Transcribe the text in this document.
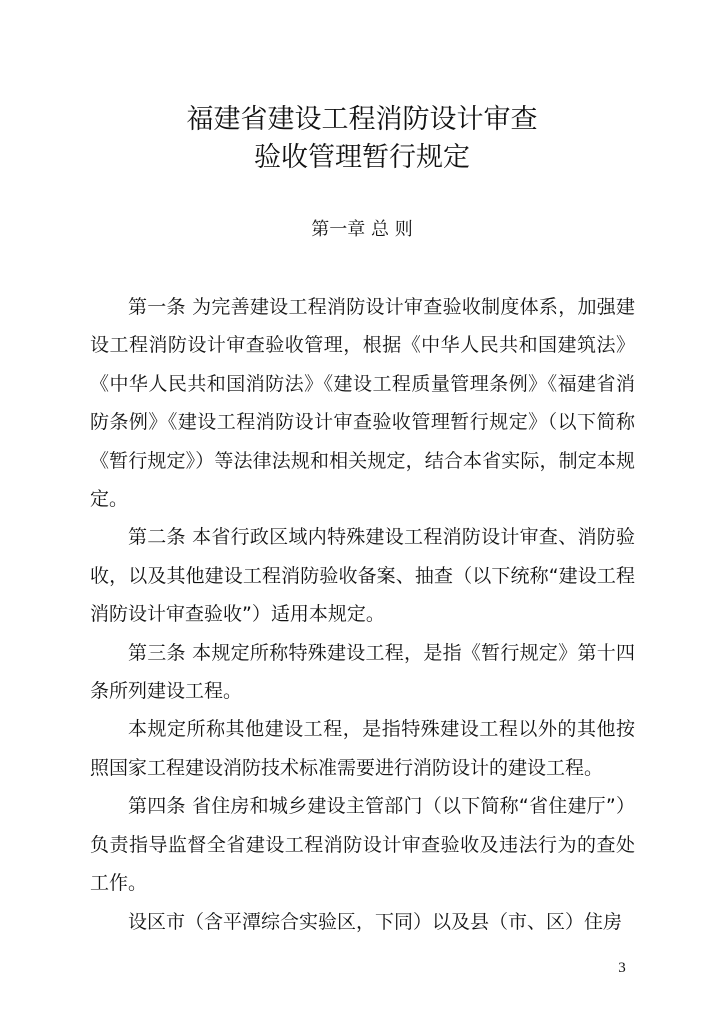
福建省建设工程消防设计审查
验收管理暂行规定
第一章 总 则

第一条 为完善建设工程消防设计审查验收制度体系，加强建设工程消防设计审查验收管理，根据《中华人民共和国建筑法》《中华人民共和国消防法》《建设工程质量管理条例》《福建省消防条例》《建设工程消防设计审查验收管理暂行规定》（以下简称《暂行规定》）等法律法规和相关规定，结合本省实际，制定本规定。

第二条 本省行政区域内特殊建设工程消防设计审查、消防验收，以及其他建设工程消防验收备案、抽查（以下统称“建设工程消防设计审查验收”）适用本规定。

第三条 本规定所称特殊建设工程，是指《暂行规定》第十四条所列建设工程。

本规定所称其他建设工程，是指特殊建设工程以外的其他按照国家工程建设消防技术标准需要进行消防设计的建设工程。

第四条 省住房和城乡建设主管部门（以下简称“省住建厅”）负责指导监督全省建设工程消防设计审查验收及违法行为的查处工作。

设区市（含平潭综合实验区，下同）以及县（市、区）住房

3
